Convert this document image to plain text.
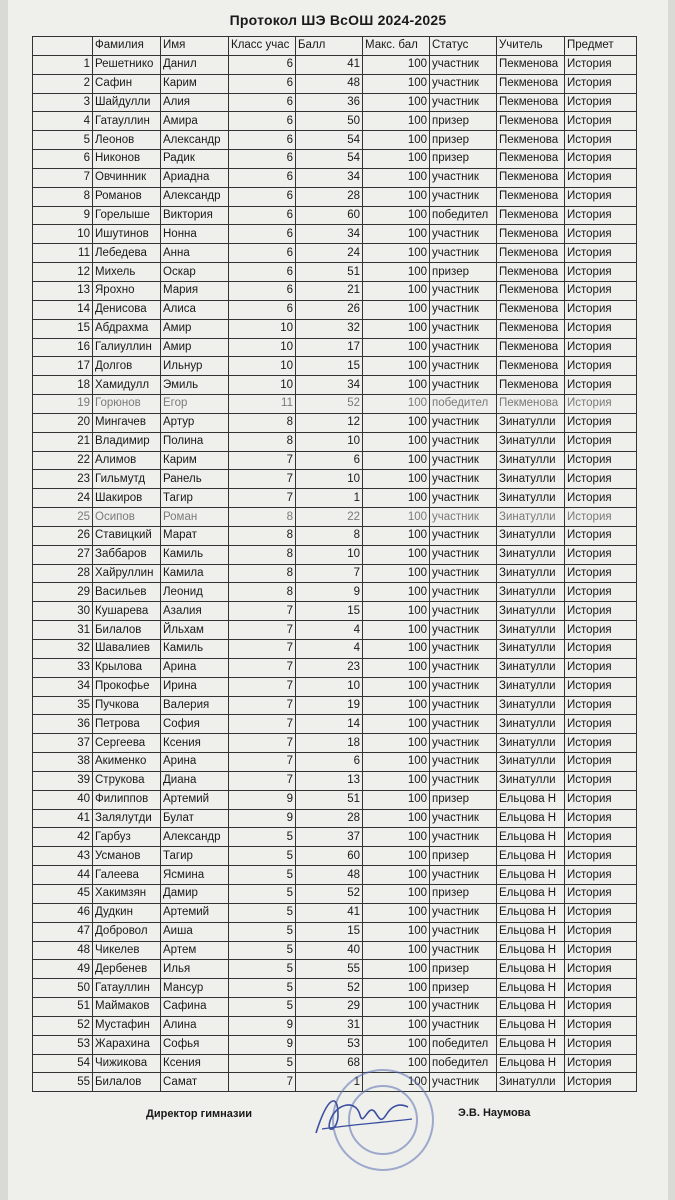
Протокол ШЭ ВсОШ 2024-2025
	Фамилия	Имя	Класс учас	Балл	Макс. бал	Статус	Учитель	Предмет
1	Решетнико	Данил	6	41	100	участник	Пекменова	История
2	Сафин	Карим	6	48	100	участник	Пекменова	История
3	Шайдулли	Алия	6	36	100	участник	Пекменова	История
4	Гатауллин	Амира	6	50	100	призер	Пекменова	История
5	Леонов	Александр	6	54	100	призер	Пекменова	История
6	Никонов	Радик	6	54	100	призер	Пекменова	История
7	Овчинник	Ариадна	6	34	100	участник	Пекменова	История
8	Романов	Александр	6	28	100	участник	Пекменова	История
9	Горелыше	Виктория	6	60	100	победител	Пекменова	История
10	Ишутинов	Нонна	6	34	100	участник	Пекменова	История
11	Лебедева	Анна	6	24	100	участник	Пекменова	История
12	Михель	Оскар	6	51	100	призер	Пекменова	История
13	Ярохно	Мария	6	21	100	участник	Пекменова	История
14	Денисова	Алиса	6	26	100	участник	Пекменова	История
15	Абдрахма	Амир	10	32	100	участник	Пекменова	История
16	Галиуллин	Амир	10	17	100	участник	Пекменова	История
17	Долгов	Ильнур	10	15	100	участник	Пекменова	История
18	Хамидулл	Эмиль	10	34	100	участник	Пекменова	История
19	Горюнов	Егор	11	52	100	победител	Пекменова	История
20	Мингачев	Артур	8	12	100	участник	Зинатулли	История
21	Владимир	Полина	8	10	100	участник	Зинатулли	История
22	Алимов	Карим	7	6	100	участник	Зинатулли	История
23	Гильмутд	Ранель	7	10	100	участник	Зинатулли	История
24	Шакиров	Тагир	7	1	100	участник	Зинатулли	История
25	Осипов	Роман	8	22	100	участник	Зинатулли	История
26	Ставицкий	Марат	8	8	100	участник	Зинатулли	История
27	Заббаров	Камиль	8	10	100	участник	Зинатулли	История
28	Хайруллин	Камила	8	7	100	участник	Зинатулли	История
29	Васильев	Леонид	8	9	100	участник	Зинатулли	История
30	Кушарева	Азалия	7	15	100	участник	Зинатулли	История
31	Билалов	Йльхам	7	4	100	участник	Зинатулли	История
32	Шавалиев	Камиль	7	4	100	участник	Зинатулли	История
33	Крылова	Арина	7	23	100	участник	Зинатулли	История
34	Прокофье	Ирина	7	10	100	участник	Зинатулли	История
35	Пучкова	Валерия	7	19	100	участник	Зинатулли	История
36	Петрова	София	7	14	100	участник	Зинатулли	История
37	Сергеева	Ксения	7	18	100	участник	Зинатулли	История
38	Акименко	Арина	7	6	100	участник	Зинатулли	История
39	Струкова	Диана	7	13	100	участник	Зинатулли	История
40	Филиппов	Артемий	9	51	100	призер	Ельцова Н	История
41	Залялутди	Булат	9	28	100	участник	Ельцова Н	История
42	Гарбуз	Александр	5	37	100	участник	Ельцова Н	История
43	Усманов	Тагир	5	60	100	призер	Ельцова Н	История
44	Галеева	Ясмина	5	48	100	участник	Ельцова Н	История
45	Хакимзян	Дамир	5	52	100	призер	Ельцова Н	История
46	Дудкин	Артемий	5	41	100	участник	Ельцова Н	История
47	Добровол	Аиша	5	15	100	участник	Ельцова Н	История
48	Чикелев	Артем	5	40	100	участник	Ельцова Н	История
49	Дербенев	Илья	5	55	100	призер	Ельцова Н	История
50	Гатауллин	Мансур	5	52	100	призер	Ельцова Н	История
51	Маймаков	Сафина	5	29	100	участник	Ельцова Н	История
52	Мустафин	Алина	9	31	100	участник	Ельцова Н	История
53	Жарахина	Софья	9	53	100	победител	Ельцова Н	История
54	Чижикова	Ксения	5	68	100	победител	Ельцова Н	История
55	Билалов	Самат	7	1	100	участник	Зинатулли	История
Директор гимназии	Э.В. Наумова
